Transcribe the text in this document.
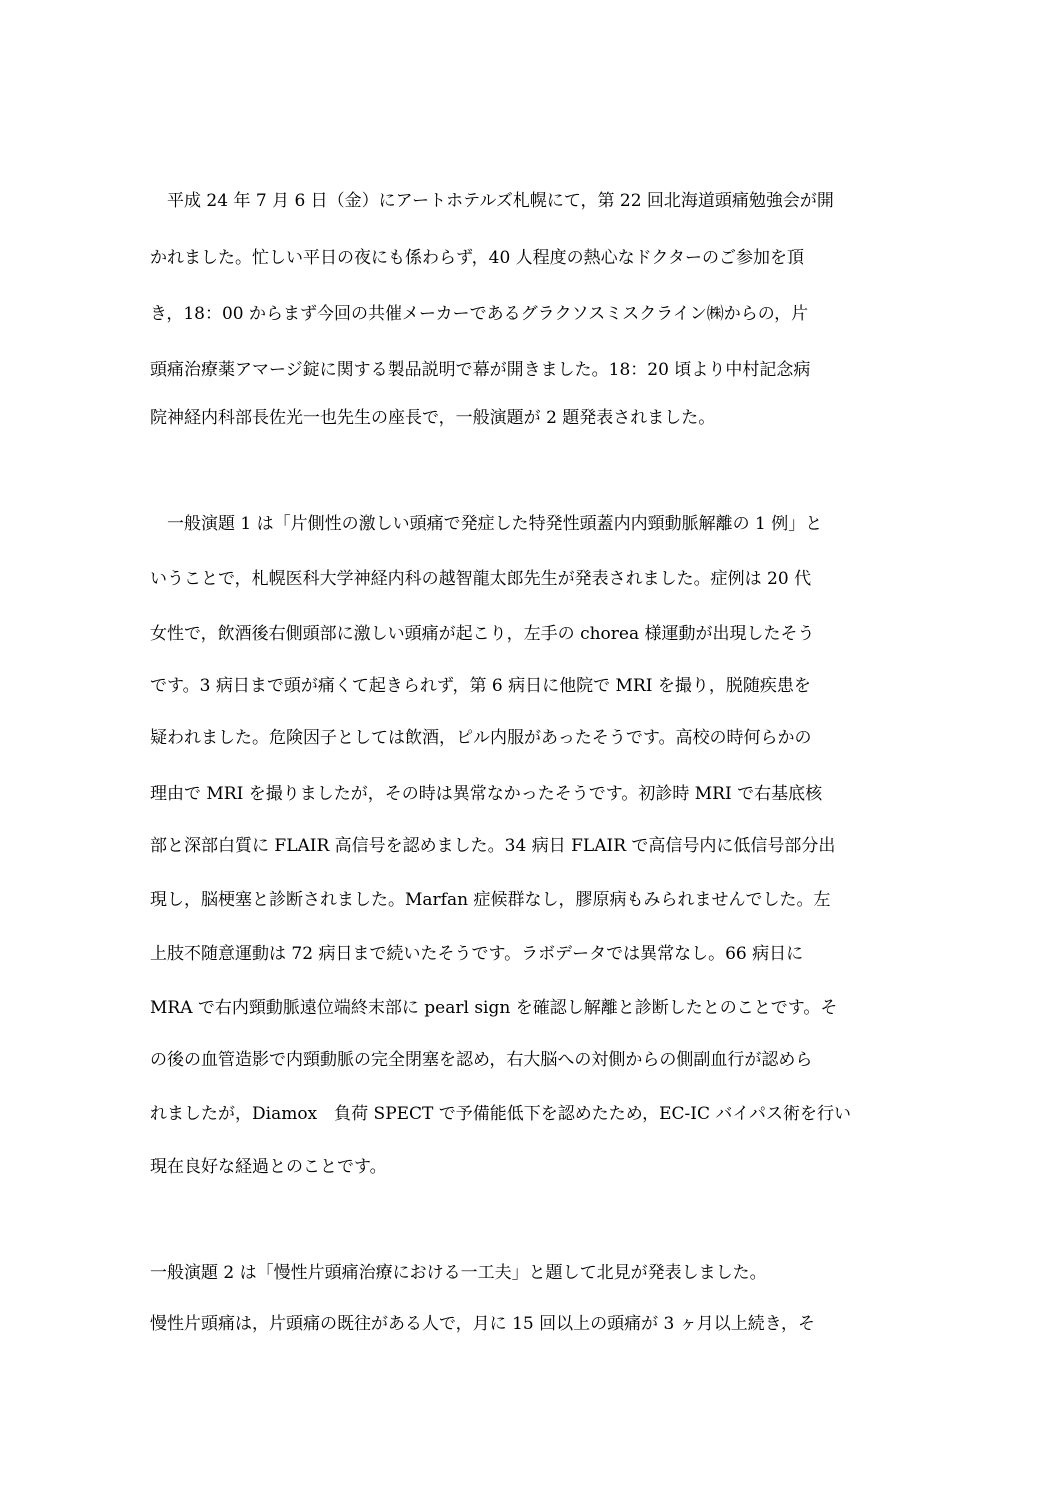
　平成 24 年 7 月 6 日（金）にアートホテルズ札幌にて，第 22 回北海道頭痛勉強会が開

かれました。忙しい平日の夜にも係わらず，40 人程度の熱心なドクターのご参加を頂

き，18：00 からまず今回の共催メーカーであるグラクソスミスクライン㈱からの，片

頭痛治療薬アマージ錠に関する製品説明で幕が開きました。18：20 頃より中村記念病

院神経内科部長佐光一也先生の座長で，一般演題が 2 題発表されました。

　一般演題 1 は「片側性の激しい頭痛で発症した特発性頭蓋内内頸動脈解離の 1 例」と

いうことで，札幌医科大学神経内科の越智龍太郎先生が発表されました。症例は 20 代

女性で，飲酒後右側頭部に激しい頭痛が起こり，左手の chorea 様運動が出現したそう

です。3 病日まで頭が痛くて起きられず，第 6 病日に他院で MRI を撮り，脱随疾患を

疑われました。危険因子としては飲酒，ピル内服があったそうです。高校の時何らかの

理由で MRI を撮りましたが，その時は異常なかったそうです。初診時 MRI で右基底核

部と深部白質に FLAIR 高信号を認めました。34 病日 FLAIR で高信号内に低信号部分出

現し，脳梗塞と診断されました。Marfan 症候群なし，膠原病もみられませんでした。左

上肢不随意運動は 72 病日まで続いたそうです。ラボデータでは異常なし。66 病日に

MRA で右内頸動脈遠位端終末部に pearl sign を確認し解離と診断したとのことです。そ

の後の血管造影で内頸動脈の完全閉塞を認め，右大脳への対側からの側副血行が認めら

れましたが，Diamox　負荷 SPECT で予備能低下を認めたため，EC-IC バイパス術を行い

現在良好な経過とのことです。

一般演題 2 は「慢性片頭痛治療における一工夫」と題して北見が発表しました。

慢性片頭痛は，片頭痛の既往がある人で，月に 15 回以上の頭痛が 3 ヶ月以上続き，そ
